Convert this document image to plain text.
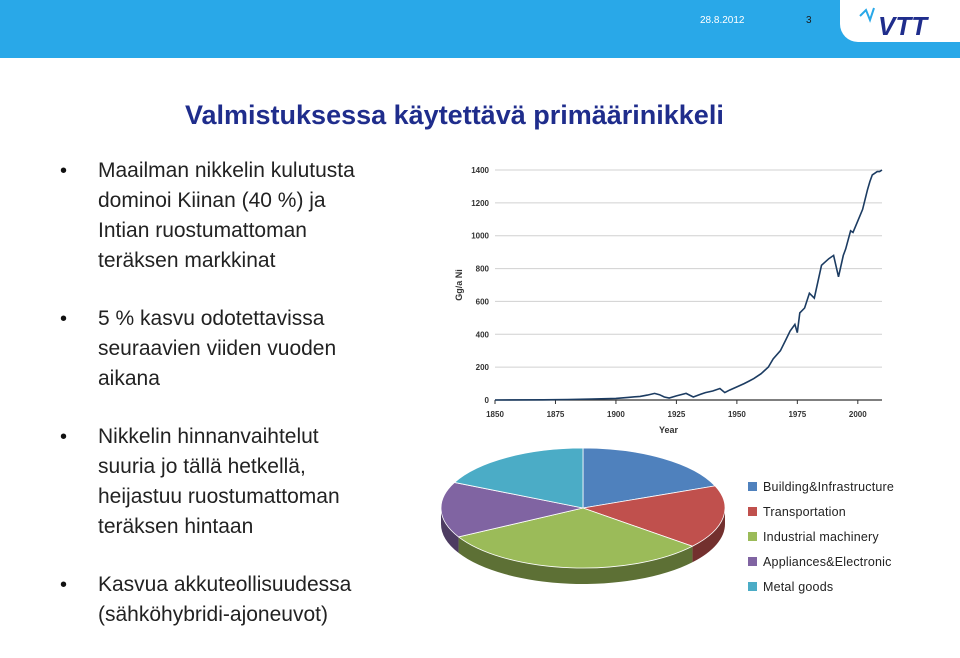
28.8.2012	3	VTT
Valmistuksessa käytettävä primäärinikkeli
• Maailman nikkelin kulutusta
dominoi Kiinan (40 %) ja
Intian ruostumattoman
teräksen markkinat
• 5 % kasvu odotettavissa
seuraavien viiden vuoden
aikana
• Nikkelin hinnanvaihtelut
suuria jo tällä hetkellä,
heijastuu ruostumattoman
teräksen hintaan
• Kasvua akkuteollisuudessa
(sähköhybridi-ajoneuvot)
0
200
400
600
800
1000
1200
1400
1850	1875	1900	1925	1950	1975	2000
Year
Gg/a Ni
Building&Infrastructure
Transportation
Industrial machinery
Appliances&Electronic
Metal goods
